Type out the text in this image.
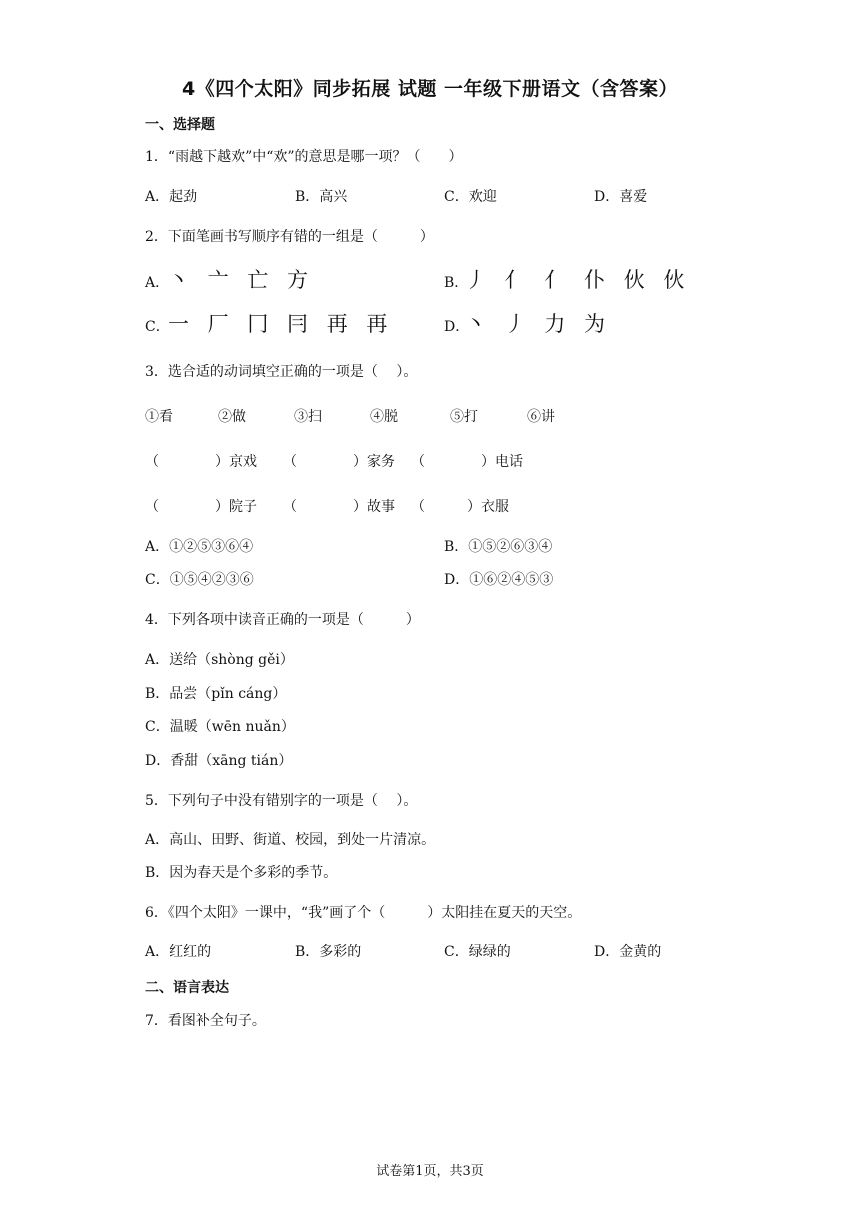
4《四个太阳》同步拓展 试题 一年级下册语文（含答案）
一、选择题
1．“雨越下越欢”中“欢”的意思是哪一项？（　　）
A．起劲	B．高兴	C．欢迎	D．喜爱
2．下面笔画书写顺序有错的一组是（　　　）
A．
丶 亠 亡 方	B．
丿 亻 亻 仆 伙 伙
C．
一 厂 冂 冃 再 再	D．
丶 丿 力 为
3．选合适的动词填空正确的一项是（　 ）。
①看	②做	③扫	④脱	⑤打	⑥讲
（　　　　）京戏 （　　　　）家务 （　　　　）电话
（　　　　）院子 （　　　　）故事 （　　　）衣服
A．①②⑤③⑥④	B．①⑤②⑥③④
C．①⑤④②③⑥	D．①⑥②④⑤③
4．下列各项中读音正确的一项是（　　　）
A．送给（shòng gěi）
B．品尝（pǐn cáng）
C．温暖（wēn nuǎn）
D．香甜（xāng tián）
5．下列句子中没有错别字的一项是（　 ）。
A．高山、田野、街道、校园，到处一片清凉。
B．因为春天是个多彩的季节。
6．《四个太阳》一课中，“我”画了个（　　　）太阳挂在夏天的天空。
A．红红的	B．多彩的	C．绿绿的	D．金黄的
二、语言表达
7．看图补全句子。
试卷第1页，共3页
